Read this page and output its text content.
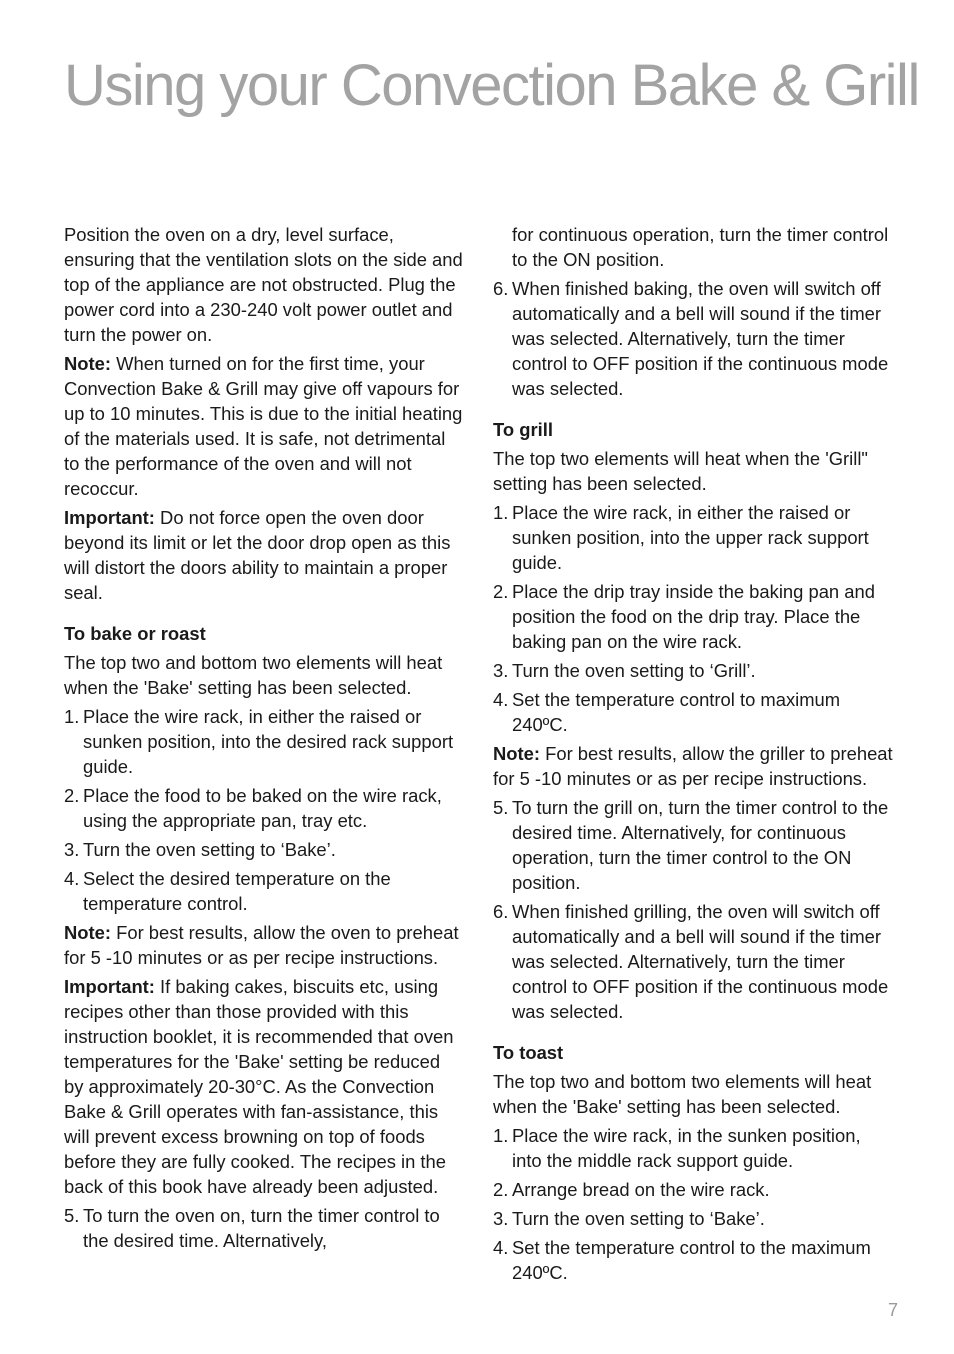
Using your Convection Bake & Grill

Position the oven on a dry, level surface, ensuring that the ventilation slots on the side and top of the appliance are not obstructed. Plug the power cord into a 230-240 volt power outlet and turn the power on.

Note: When turned on for the first time, your Convection Bake & Grill may give off vapours for up to 10 minutes. This is due to the initial heating of the materials used. It is safe, not detrimental to the performance of the oven and will not recoccur.

Important: Do not force open the oven door beyond its limit or let the door drop open as this will distort the doors ability to maintain a proper seal.

To bake or roast

The top two and bottom two elements will heat when the 'Bake' setting has been selected.

1. Place the wire rack, in either the raised or sunken position, into the desired rack support guide.
2. Place the food to be baked on the wire rack, using the appropriate pan, tray etc.
3. Turn the oven setting to ‘Bake’.
4. Select the desired temperature on the temperature control.

Note: For best results, allow the oven to preheat for 5 -10 minutes or as per recipe instructions.

Important: If baking cakes, biscuits etc, using recipes other than those provided with this instruction booklet, it is recommended that oven temperatures for the 'Bake' setting be reduced by approximately 20-30°C. As the Convection Bake & Grill operates with fan-assistance, this will prevent excess browning on top of foods before they are fully cooked. The recipes in the back of this book have already been adjusted.

5. To turn the oven on, turn the timer control to the desired time. Alternatively,

for continuous operation, turn the timer control to the ON position.

6. When finished baking, the oven will switch off automatically and a bell will sound if the timer was selected. Alternatively, turn the timer control to OFF position if the continuous mode was selected.
To grill

The top two elements will heat when the 'Grill" setting has been selected.

1. Place the wire rack, in either the raised or sunken position, into the upper rack support guide.
2. Place the drip tray inside the baking pan and position the food on the drip tray. Place the baking pan on the wire rack.
3. Turn the oven setting to ‘Grill’.
4. Set the temperature control to maximum 240ºC.

Note: For best results, allow the griller to preheat for 5 -10 minutes or as per recipe instructions.

5. To turn the grill on, turn the timer control to the desired time. Alternatively, for continuous operation, turn the timer control to the ON position.
6. When finished grilling, the oven will switch off automatically and a bell will sound if the timer was selected. Alternatively, turn the timer control to OFF position if the continuous mode was selected.
To toast

The top two and bottom two elements will heat when the 'Bake' setting has been selected.

1. Place the wire rack, in the sunken position, into the middle rack support guide.
2. Arrange bread on the wire rack.
3. Turn the oven setting to ‘Bake’.
4. Set the temperature control to the maximum 240ºC.
7
